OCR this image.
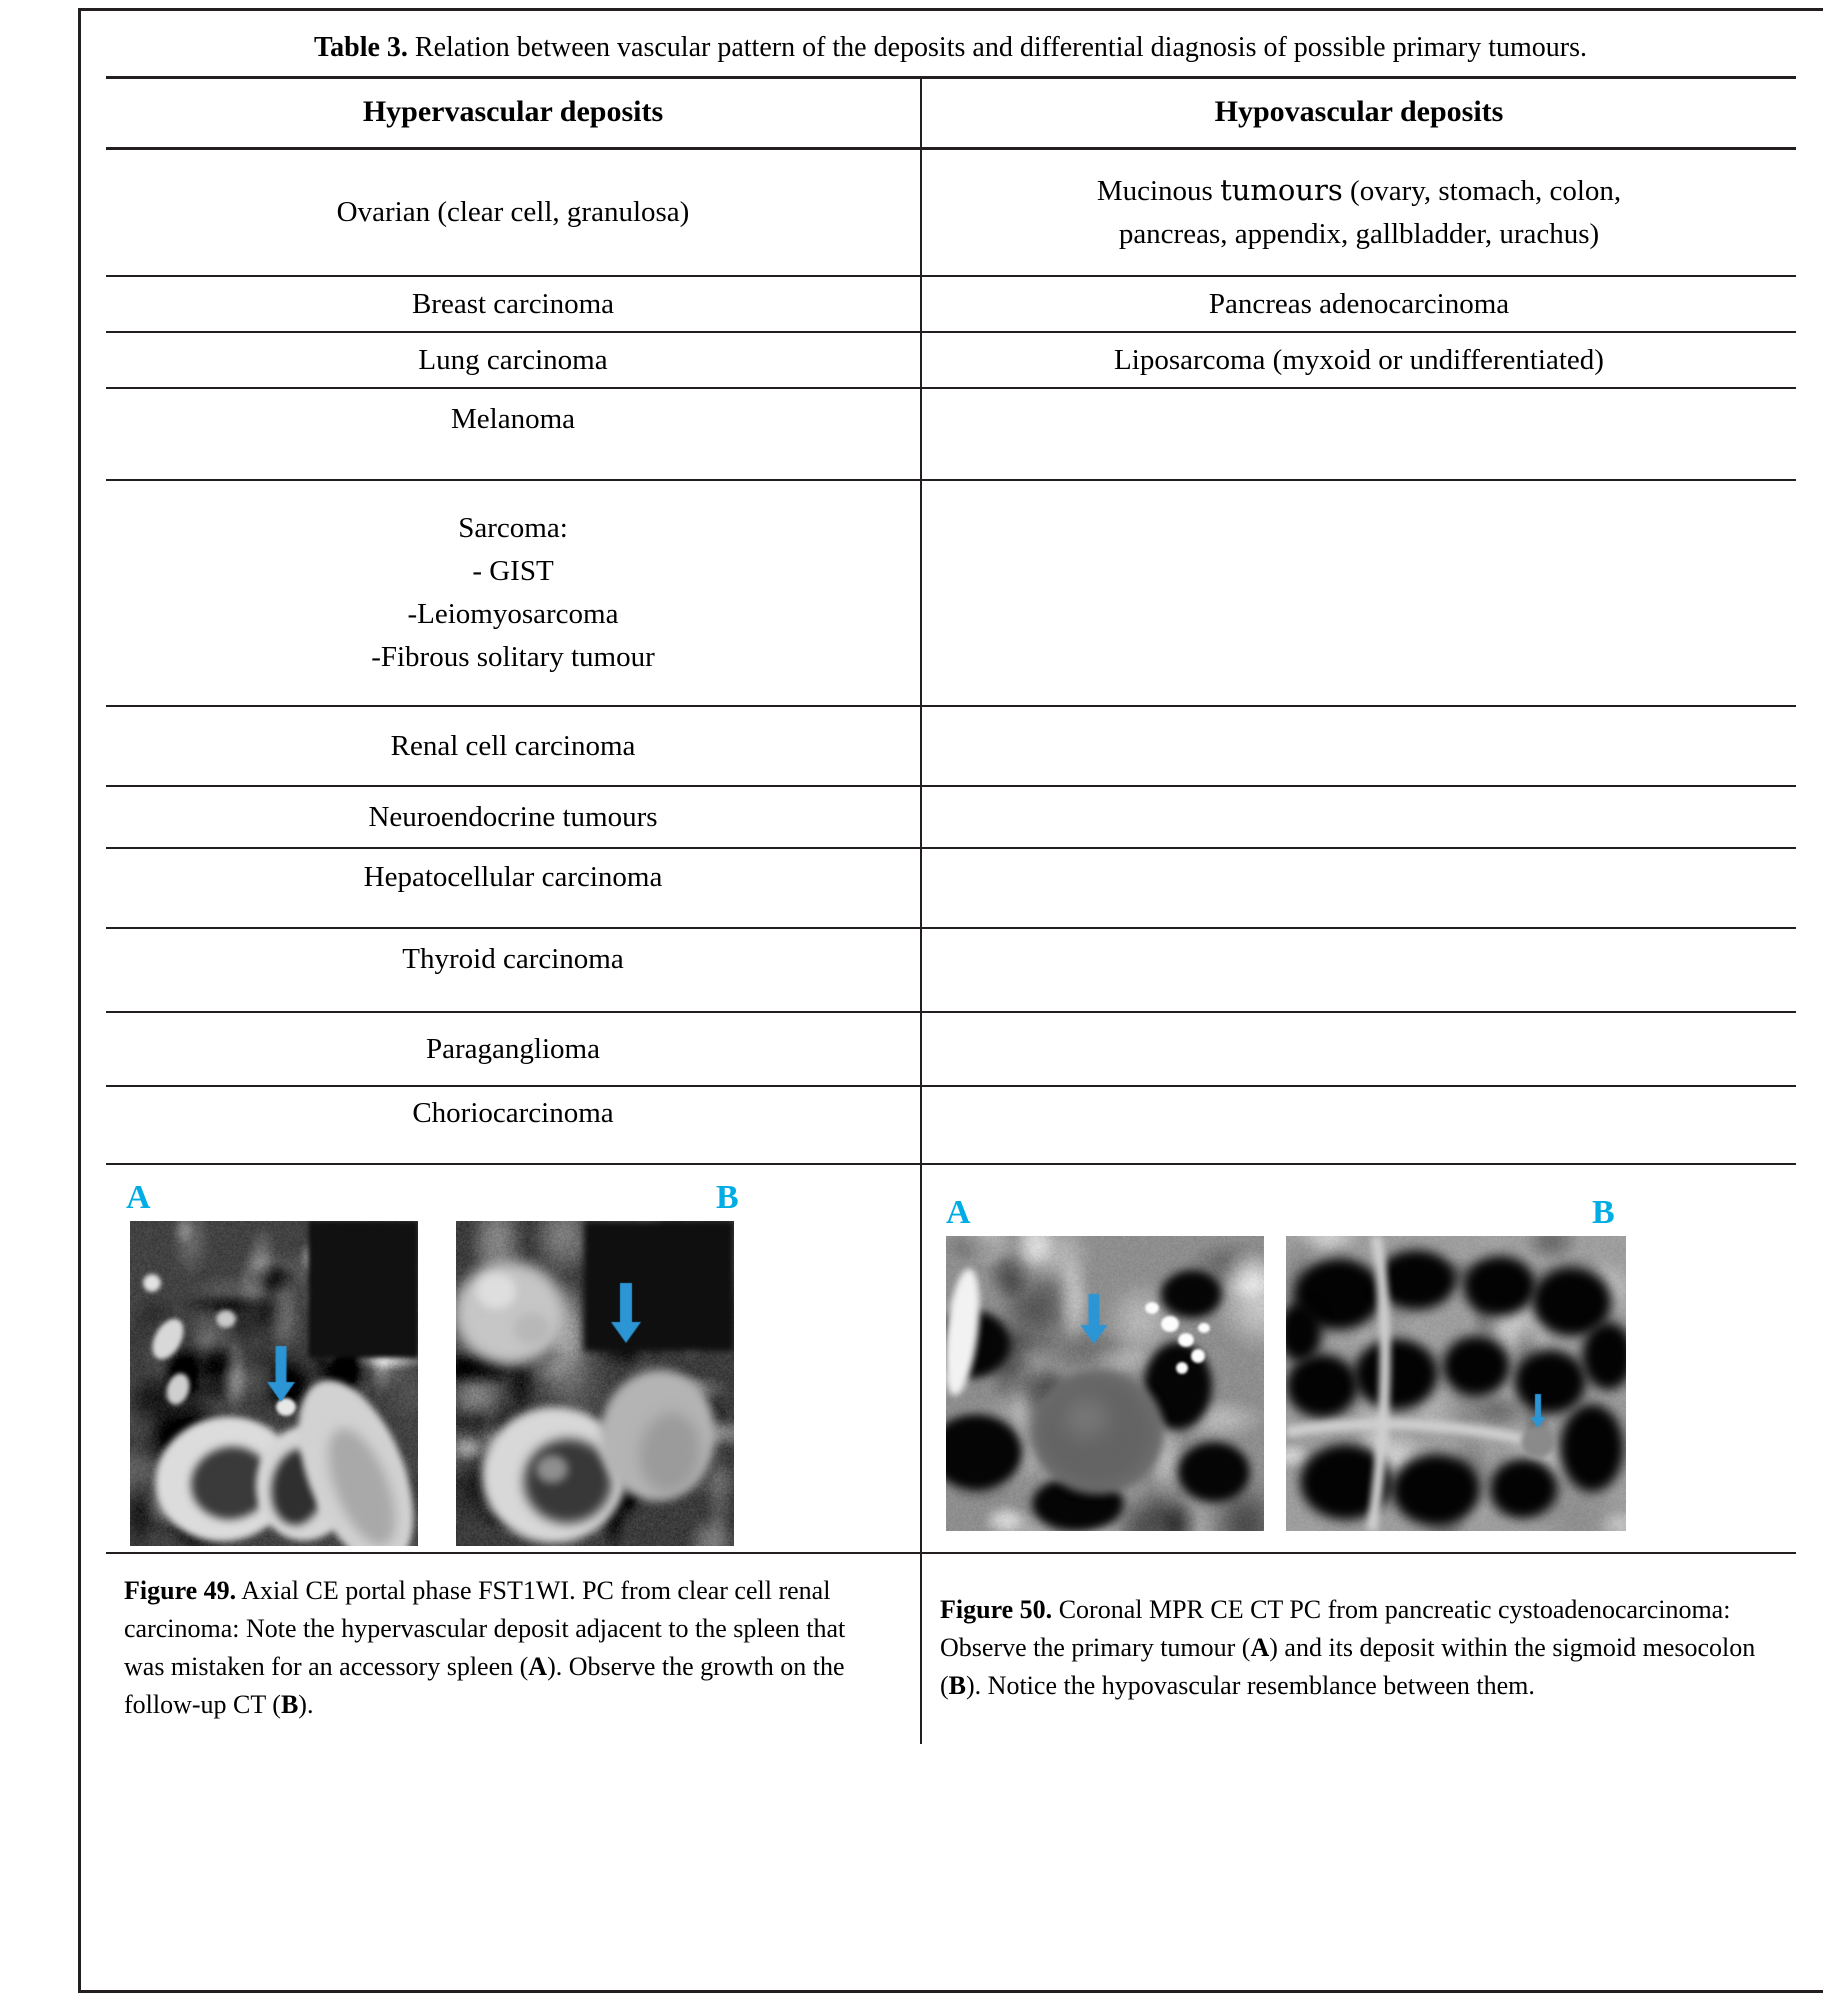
Table 3. Relation between vascular pattern of the deposits and differential diagnosis of possible primary tumours.
Hypervascular deposits	Hypovascular deposits
Ovarian (clear cell, granulosa)	Mucinous tumours (ovary, stomach, colon,
pancreas, appendix, gallbladder, urachus)
Breast carcinoma	Pancreas adenocarcinoma
Lung carcinoma	Liposarcoma (myxoid or undifferentiated)
Melanoma	
Sarcoma:
- GIST
-Leiomyosarcoma
-Fibrous solitary tumour	
Renal cell carcinoma	
Neuroendocrine tumours	
Hepatocellular carcinoma	
Thyroid carcinoma	
Paraganglioma	
Choriocarcinoma	

A B	A B

Figure 49. Axial CE portal phase FST1WI. PC from clear cell renal carcinoma: Note the hypervascular deposit adjacent to the spleen that was mistaken for an accessory spleen (A). Observe the growth on the follow-up CT (B).	Figure 50. Coronal MPR CE CT PC from pancreatic cystoadenocarcinoma: Observe the primary tumour (A) and its deposit within the sigmoid mesocolon (B). Notice the hypovascular resemblance between them.
